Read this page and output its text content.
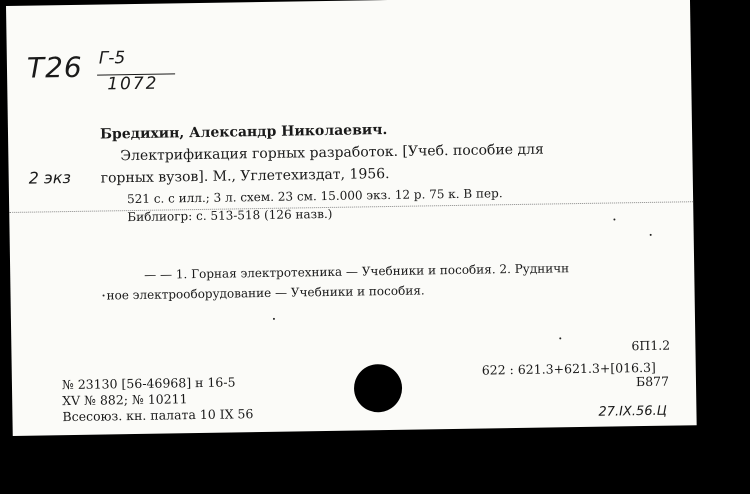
Т26 Г-5
1072
2 экз
Бредихин, Александр Николаевич.
Электрификация горных разработок. [Учеб. пособие для
горных вузов]. М., Углетехиздат, 1956.
521 с. с илл.; 3 л. схем. 23 см. 15.000 экз. 12 р. 75 к. В пер.
Библиогр: с. 513-518 (126 назв.)
— — 1. Горная электротехника — Учебники и пособия. 2. Рудничн
ное электрооборудование — Учебники и пособия.
№ 23130 [56-46968] н 16-5
XV № 882; № 10211
Всесоюз. кн. палата 10 IX 56
6П1.2
622 : 621.3+621.3+[016.3]
Б877
27.IX.56.Ц
